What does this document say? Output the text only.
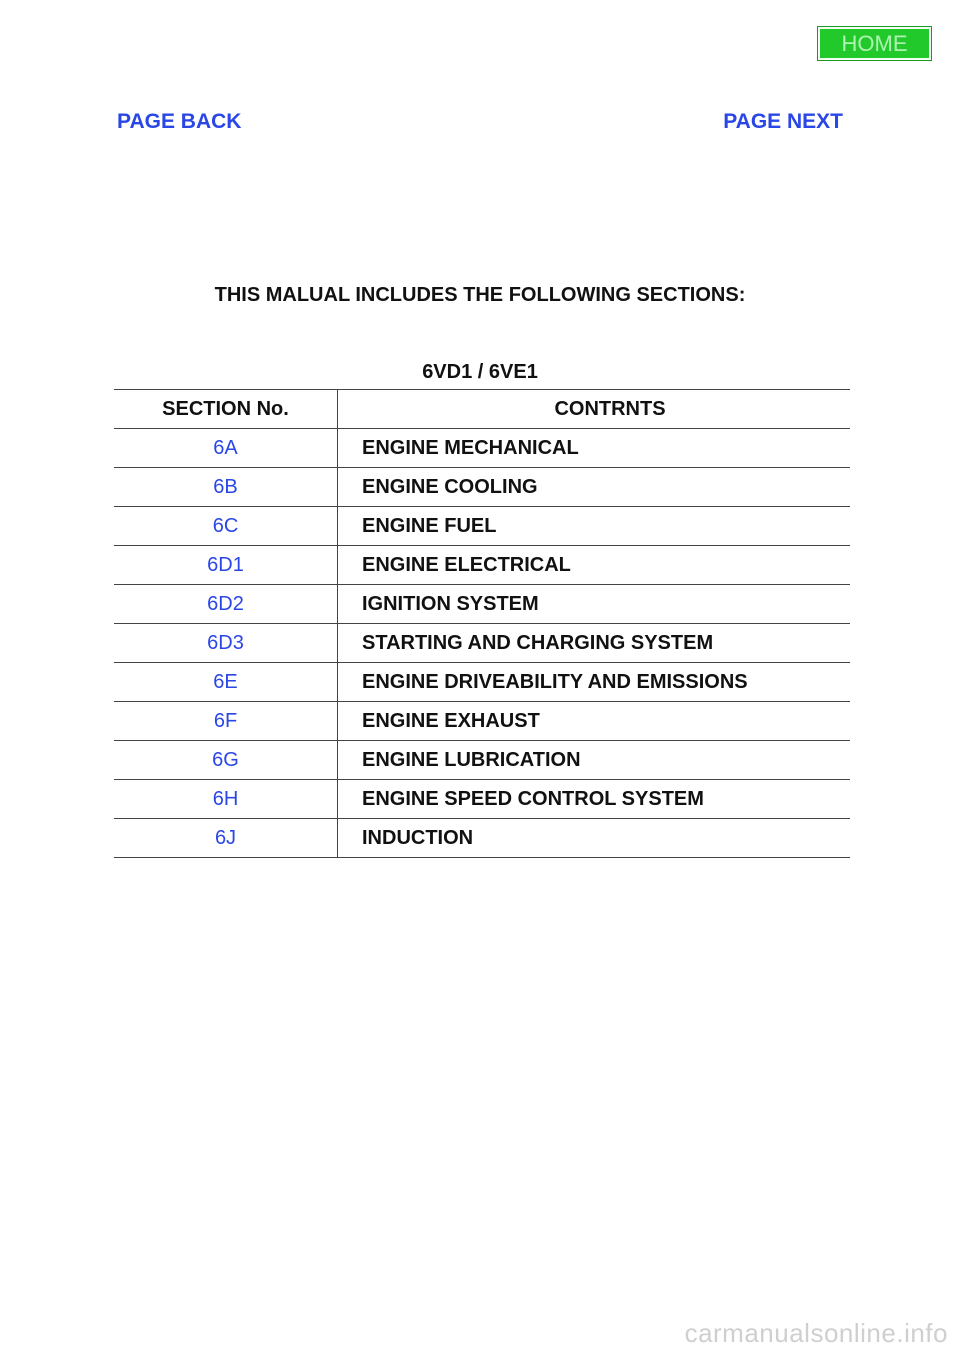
HOME
PAGE BACK	PAGE NEXT
THIS MALUAL INCLUDES THE FOLLOWING SECTIONS:
6VD1 / 6VE1
SECTION No.	CONTRNTS
6A	ENGINE MECHANICAL
6B	ENGINE COOLING
6C	ENGINE FUEL
6D1	ENGINE ELECTRICAL
6D2	IGNITION SYSTEM
6D3	STARTING AND CHARGING SYSTEM
6E	ENGINE DRIVEABILITY AND EMISSIONS
6F	ENGINE EXHAUST
6G	ENGINE LUBRICATION
6H	ENGINE SPEED CONTROL SYSTEM
6J	INDUCTION
carmanualsonline.info
